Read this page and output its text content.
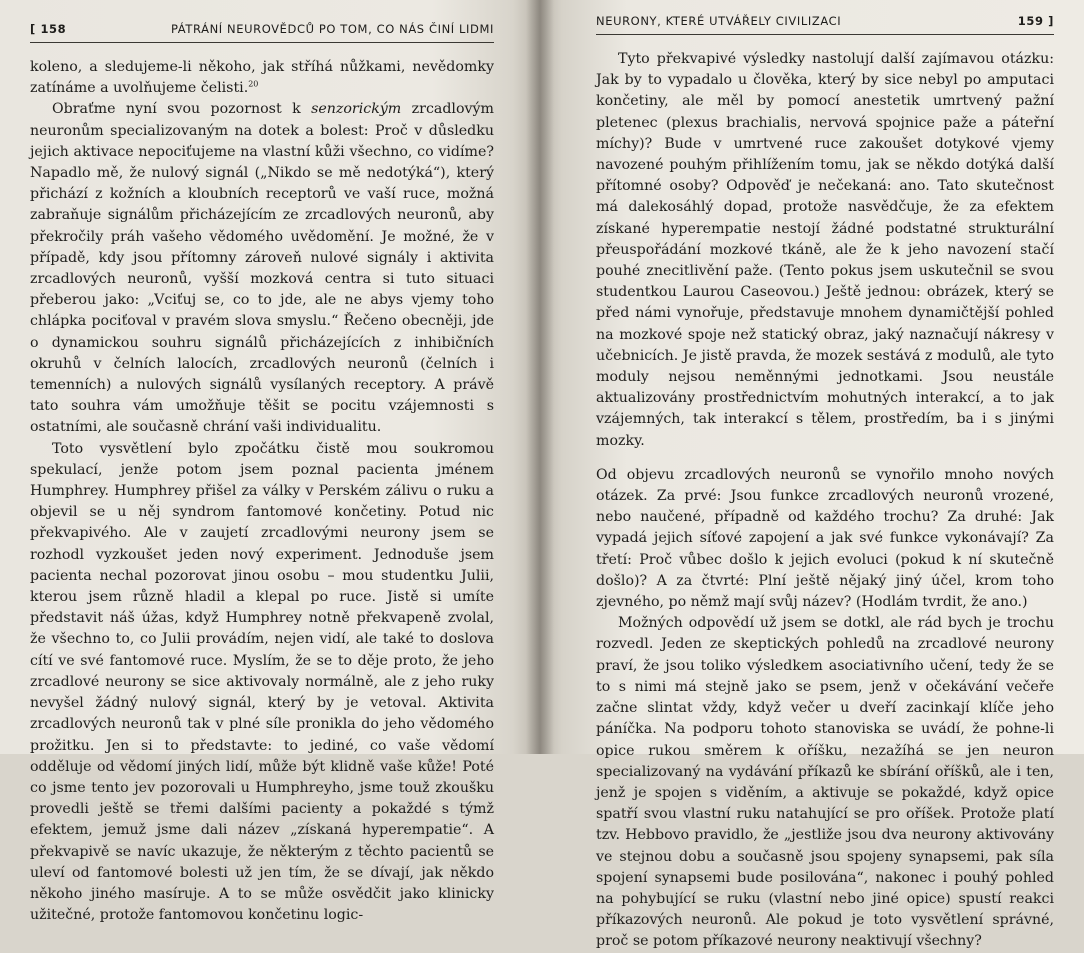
[ 158	PÁTRÁNÍ NEUROVĚDCŮ PO TOM, CO NÁS ČINÍ LIDMI

koleno, a sledujeme-li někoho, jak stříhá nůžkami, nevědomky zatínáme a uvolňujeme čelisti.$^{20}$

Obraťme nyní svou pozornost k senzorickým zrcadlovým neuronům specializovaným na dotek a bolest: Proč v důsledku jejich aktivace nepociťujeme na vlastní kůži všechno, co vidíme? Napadlo mě, že nulový signál („Nikdo se mě nedotýká“), který přichází z kožních a kloubních receptorů ve vaší ruce, možná zabraňuje signálům přicházejícím ze zrcadlových neuronů, aby překročily práh vašeho vědomého uvědomění. Je možné, že v případě, kdy jsou přítomny zároveň nulové signály i aktivita zrcadlových neuronů, vyšší mozková centra si tuto situaci přeberou jako: „Vciťuj se, co to jde, ale ne abys vjemy toho chlápka pociťoval v pravém slova smyslu.“ Řečeno obecněji, jde o dynamickou souhru signálů přicházejících z inhibičních okruhů v čelních lalocích, zrcadlových neuronů (čelních i temenních) a nulových signálů vysílaných receptory. A právě tato souhra vám umožňuje těšit se pocitu vzájemnosti s ostatními, ale současně chrání vaši individualitu.

Toto vysvětlení bylo zpočátku čistě mou soukromou spekulací, jenže potom jsem poznal pacienta jménem Humphrey. Humphrey přišel za války v Perském zálivu o ruku a objevil se u něj syndrom fantomové končetiny. Potud nic překvapivého. Ale v zaujetí zrcadlovými neurony jsem se rozhodl vyzkoušet jeden nový experiment. Jednoduše jsem pacienta nechal pozorovat jinou osobu – mou studentku Julii, kterou jsem různě hladil a klepal po ruce. Jistě si umíte představit náš úžas, když Humphrey notně překvapeně zvolal, že všechno to, co Julii provádím, nejen vidí, ale také to doslova cítí ve své fantomové ruce. Myslím, že se to děje proto, že jeho zrcadlové neurony se sice aktivovaly normálně, ale z jeho ruky nevyšel žádný nulový signál, který by je vetoval. Aktivita zrcadlových neuronů tak v plné síle pronikla do jeho vědomého prožitku. Jen si to představte: to jediné, co vaše vědomí odděluje od vědomí jiných lidí, může být klidně vaše kůže! Poté co jsme tento jev pozorovali u Humphreyho, jsme touž zkoušku provedli ještě se třemi dalšími pacienty a pokaždé s týmž efektem, jemuž jsme dali název „získaná hyperempatie“. A překvapivě se navíc ukazuje, že některým z těchto pacientů se uleví od fantomové bolesti už jen tím, že se dívají, jak někdo někoho jiného masíruje. A to se může osvědčit jako klinicky užitečné, protože fantomovou končetinu logic-

NEURONY, KTERÉ UTVÁŘELY CIVILIZACI	159 ]

Tyto překvapivé výsledky nastolují další zajímavou otázku: Jak by to vypadalo u člověka, který by sice nebyl po amputaci končetiny, ale měl by pomocí anestetik umrtvený pažní pletenec (plexus brachialis, nervová spojnice paže a páteřní míchy)? Bude v umrtvené ruce zakoušet dotykové vjemy navozené pouhým přihlížením tomu, jak se někdo dotýká další přítomné osoby? Odpověď je nečekaná: ano. Tato skutečnost má dalekosáhlý dopad, protože nasvědčuje, že za efektem získané hyperempatie nestojí žádné podstatné strukturální přeuspořádání mozkové tkáně, ale že k jeho navození stačí pouhé znecitlivění paže. (Tento pokus jsem uskutečnil se svou studentkou Laurou Caseovou.) Ještě jednou: obrázek, který se před námi vynořuje, představuje mnohem dynamičtější pohled na mozkové spoje než statický obraz, jaký naznačují nákresy v učebnicích. Je jistě pravda, že mozek sestává z modulů, ale tyto moduly nejsou neměnnými jednotkami. Jsou neustále aktualizovány prostřednictvím mohutných interakcí, a to jak vzájemných, tak interakcí s tělem, prostředím, ba i s jinými mozky.

Od objevu zrcadlových neuronů se vynořilo mnoho nových otázek. Za prvé: Jsou funkce zrcadlových neuronů vrozené, nebo naučené, případně od každého trochu? Za druhé: Jak vypadá jejich síťové zapojení a jak své funkce vykonávají? Za třetí: Proč vůbec došlo k jejich evoluci (pokud k ní skutečně došlo)? A za čtvrté: Plní ještě nějaký jiný účel, krom toho zjevného, po němž mají svůj název? (Hodlám tvrdit, že ano.)

Možných odpovědí už jsem se dotkl, ale rád bych je trochu rozvedl. Jeden ze skeptických pohledů na zrcadlové neurony praví, že jsou toliko výsledkem asociativního učení, tedy že se to s nimi má stejně jako se psem, jenž v očekávání večeře začne slintat vždy, když večer u dveří zacinkají klíče jeho páníčka. Na podporu tohoto stanoviska se uvádí, že pohne-li opice rukou směrem k oříšku, nezažíhá se jen neuron specializovaný na vydávání příkazů ke sbírání oříšků, ale i ten, jenž je spojen s viděním, a aktivuje se pokaždé, když opice spatří svou vlastní ruku natahující se pro oříšek. Protože platí tzv. Hebbovo pravidlo, že „jestliže jsou dva neurony aktivovány ve stejnou dobu a současně jsou spojeny synapsemi, pak síla spojení synapsemi bude posilována“, nakonec i pouhý pohled na pohybující se ruku (vlastní nebo jiné opice) spustí reakci příkazových neuronů. Ale pokud je toto vysvětlení správné, proč se potom příkazové neurony neaktivují všechny?
